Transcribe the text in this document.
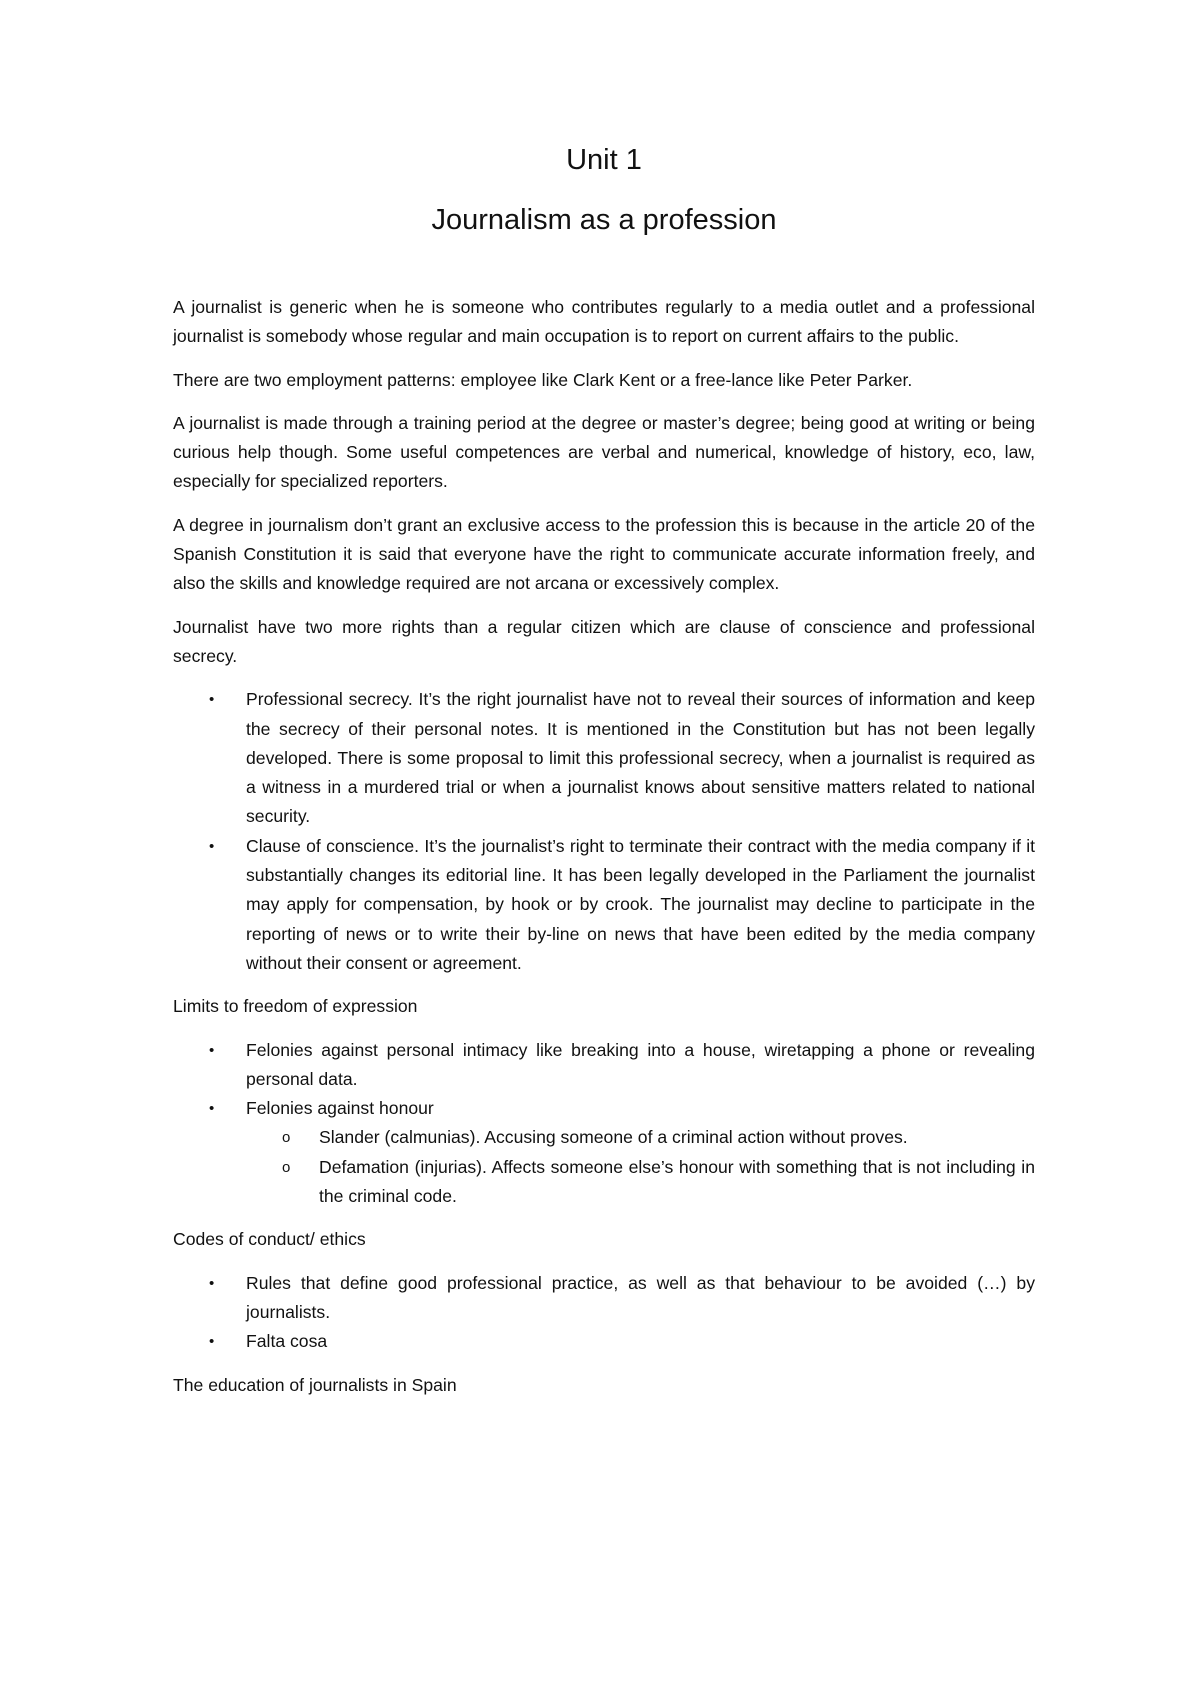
Unit 1
Journalism as a profession

A journalist is generic when he is someone who contributes regularly to a media outlet and a professional journalist is somebody whose regular and main occupation is to report on current affairs to the public.

There are two employment patterns: employee like Clark Kent or a free-lance like Peter Parker.

A journalist is made through a training period at the degree or master’s degree; being good at writing or being curious help though. Some useful competences are verbal and numerical, knowledge of history, eco, law, especially for specialized reporters.

A degree in journalism don’t grant an exclusive access to the profession this is because in the article 20 of the Spanish Constitution it is said that everyone have the right to communicate accurate information freely, and also the skills and knowledge required are not arcana or excessively complex.

Journalist have two more rights than a regular citizen which are clause of conscience and professional secrecy.

• Professional secrecy. It’s the right journalist have not to reveal their sources of information and keep the secrecy of their personal notes. It is mentioned in the Constitution but has not been legally developed. There is some proposal to limit this professional secrecy, when a journalist is required as a witness in a murdered trial or when a journalist knows about sensitive matters related to national security.
• Clause of conscience. It’s the journalist’s right to terminate their contract with the media company if it substantially changes its editorial line. It has been legally developed in the Parliament the journalist may apply for compensation, by hook or by crook. The journalist may decline to participate in the reporting of news or to write their by-line on news that have been edited by the media company without their consent or agreement.

Limits to freedom of expression

• Felonies against personal intimacy like breaking into a house, wiretapping a phone or revealing personal data.
• Felonies against honour
o Slander (calmunias). Accusing someone of a criminal action without proves.
o Defamation (injurias). Affects someone else’s honour with something that is not including in the criminal code.

Codes of conduct/ ethics

• Rules that define good professional practice, as well as that behaviour to be avoided (…) by journalists.
• Falta cosa

The education of journalists in Spain
